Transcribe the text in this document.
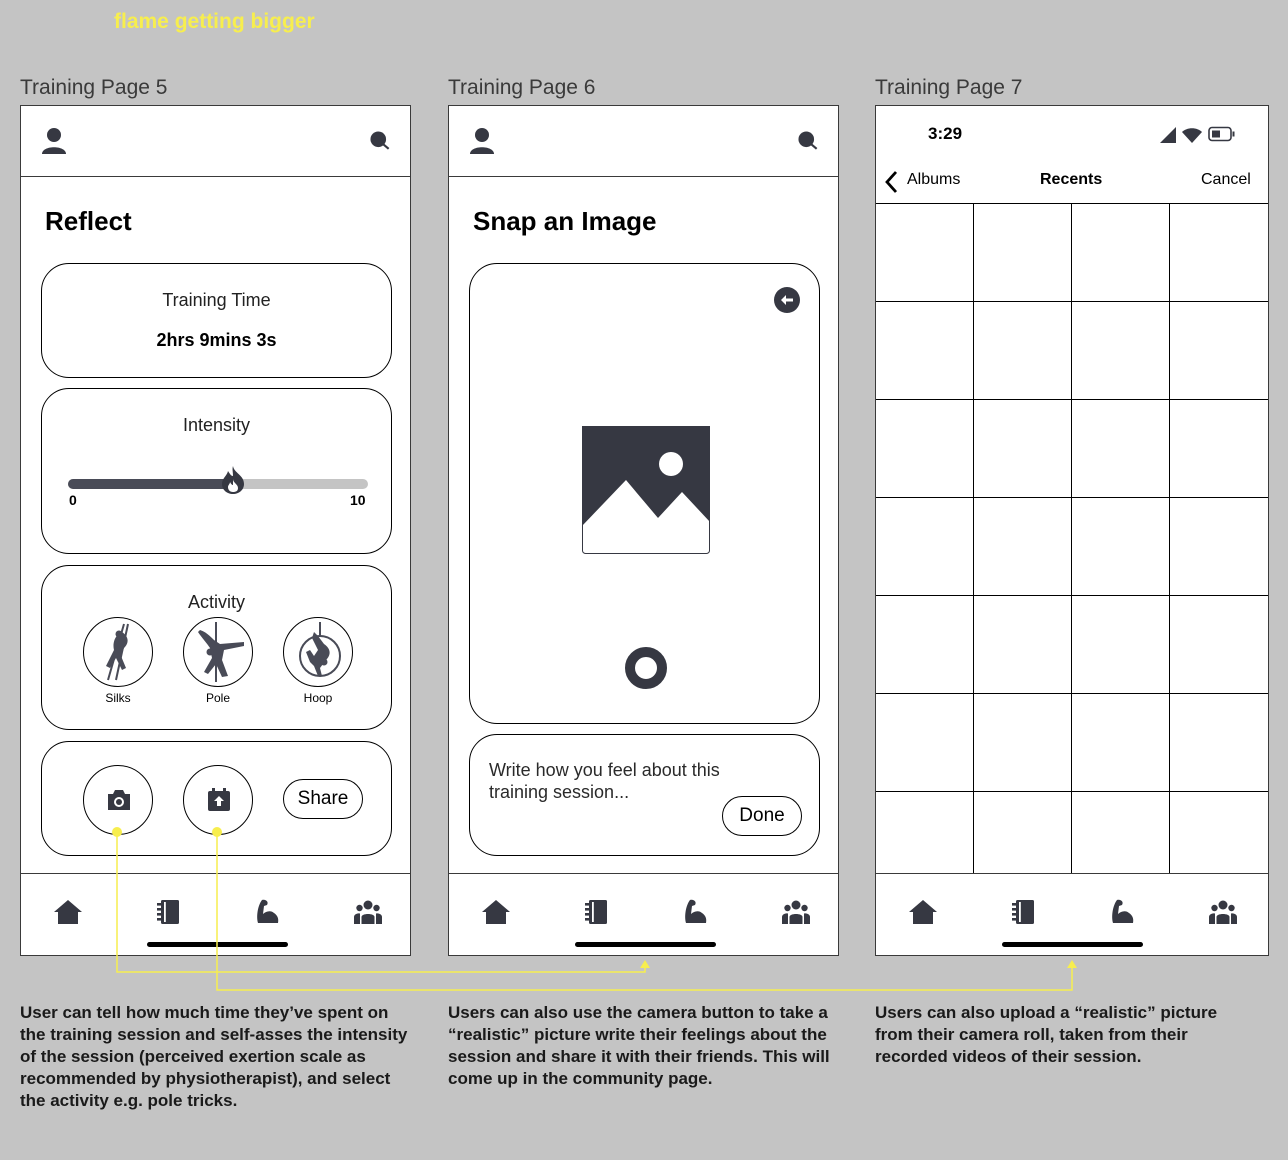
flame getting bigger
Training Page 5	Training Page 6	Training Page 7
Reflect
Training Time
2hrs 9mins 3s
Intensity
0	10
Activity
Silks	Pole	Hoop
Share
Snap an Image
Write how you feel about this training session...
Done
3:29
Albums	Recents	Cancel
User can tell how much time they’ve spent on the training session and self-asses the intensity of the session (perceived exertion scale as recommended by physiotherapist), and select the activity e.g. pole tricks.
Users can also use the camera button to take a “realistic” picture write their feelings about the session and share it with their friends. This will come up in the community page.
Users can also upload a “realistic” picture from their camera roll, taken from their recorded videos of their session.
